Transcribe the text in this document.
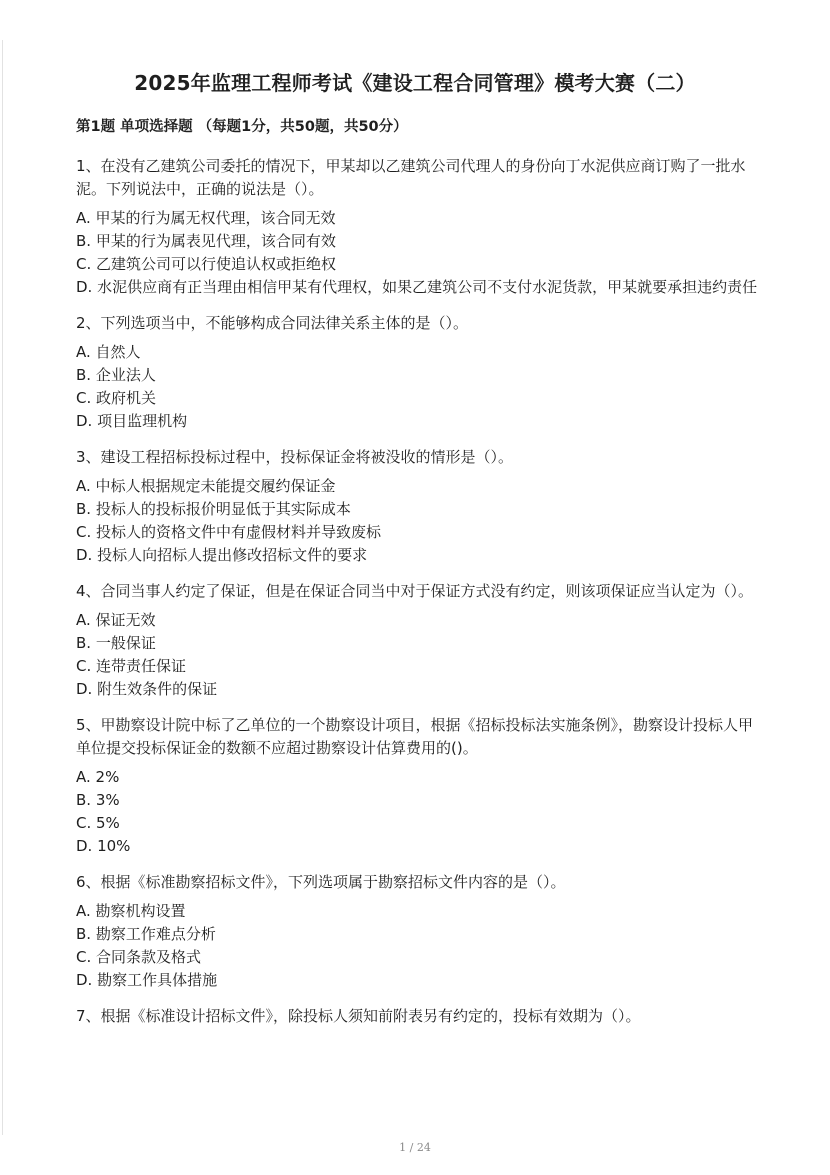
2025年监理工程师考试《建设工程合同管理》模考大赛（二）

第1题 单项选择题 （每题1分，共50题，共50分）

1、在没有乙建筑公司委托的情况下，甲某却以乙建筑公司代理人的身份向丁水泥供应商订购了一批水泥。下列说法中，正确的说法是（）。

A. 甲某的行为属无权代理，该合同无效

B. 甲某的行为属表见代理，该合同有效

C. 乙建筑公司可以行使追认权或拒绝权

D. 水泥供应商有正当理由相信甲某有代理权，如果乙建筑公司不支付水泥货款，甲某就要承担违约责任

2、下列选项当中，不能够构成合同法律关系主体的是（）。

A. 自然人

B. 企业法人

C. 政府机关

D. 项目监理机构

3、建设工程招标投标过程中，投标保证金将被没收的情形是（）。

A. 中标人根据规定未能提交履约保证金

B. 投标人的投标报价明显低于其实际成本

C. 投标人的资格文件中有虚假材料并导致废标

D. 投标人向招标人提出修改招标文件的要求

4、合同当事人约定了保证，但是在保证合同当中对于保证方式没有约定，则该项保证应当认定为（）。

A. 保证无效

B. 一般保证

C. 连带责任保证

D. 附生效条件的保证

5、甲勘察设计院中标了乙单位的一个勘察设计项目，根据《招标投标法实施条例》，勘察设计投标人甲单位提交投标保证金的数额不应超过勘察设计估算费用的()。

A. 2%

B. 3%

C. 5%

D. 10%

6、根据《标准勘察招标文件》，下列选项属于勘察招标文件内容的是（）。

A. 勘察机构设置

B. 勘察工作难点分析

C. 合同条款及格式

D. 勘察工作具体措施

7、根据《标准设计招标文件》，除投标人须知前附表另有约定的，投标有效期为（）。

1 / 24
